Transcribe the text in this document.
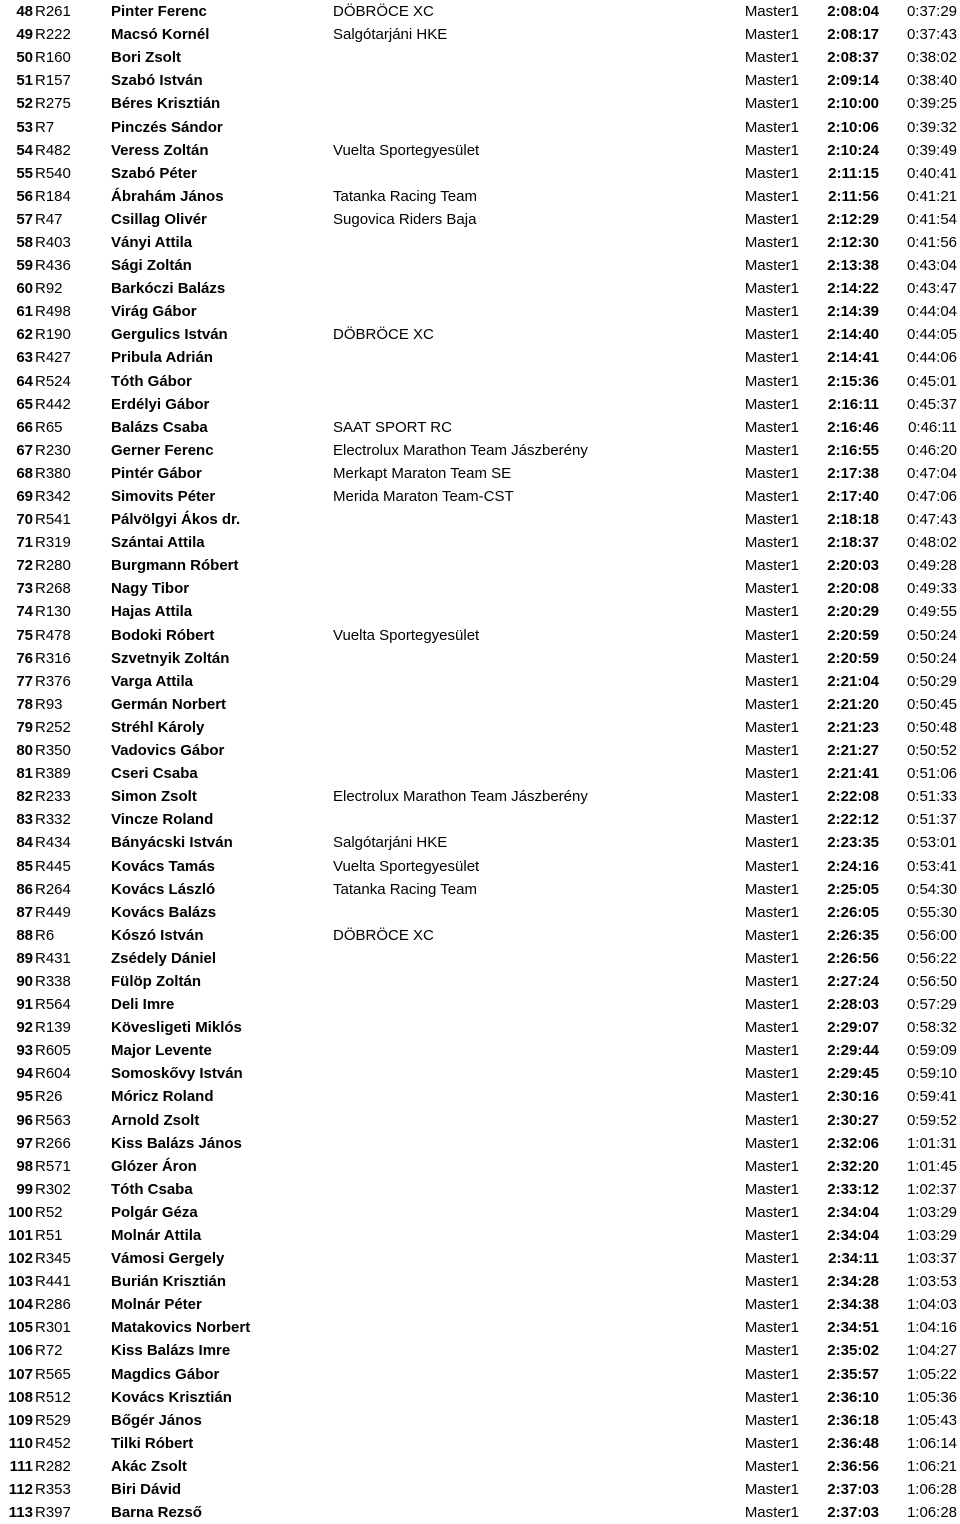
48	R261	Pinter Ferenc	DÖBRÖCE XC	Master1	2:08:04	0:37:29
49	R222	Macsó Kornél	Salgótarjáni HKE	Master1	2:08:17	0:37:43
50	R160	Bori Zsolt		Master1	2:08:37	0:38:02
51	R157	Szabó István		Master1	2:09:14	0:38:40
52	R275	Béres Krisztián		Master1	2:10:00	0:39:25
53	R7	Pinczés Sándor		Master1	2:10:06	0:39:32
54	R482	Veress Zoltán	Vuelta Sportegyesület	Master1	2:10:24	0:39:49
55	R540	Szabó Péter		Master1	2:11:15	0:40:41
56	R184	Ábrahám János	Tatanka Racing Team	Master1	2:11:56	0:41:21
57	R47	Csillag Olivér	Sugovica Riders Baja	Master1	2:12:29	0:41:54
58	R403	Ványi Attila		Master1	2:12:30	0:41:56
59	R436	Sági Zoltán		Master1	2:13:38	0:43:04
60	R92	Barkóczi Balázs		Master1	2:14:22	0:43:47
61	R498	Virág Gábor		Master1	2:14:39	0:44:04
62	R190	Gergulics István	DÖBRÖCE XC	Master1	2:14:40	0:44:05
63	R427	Pribula Adrián		Master1	2:14:41	0:44:06
64	R524	Tóth Gábor		Master1	2:15:36	0:45:01
65	R442	Erdélyi Gábor		Master1	2:16:11	0:45:37
66	R65	Balázs Csaba	SAAT SPORT RC	Master1	2:16:46	0:46:11
67	R230	Gerner Ferenc	Electrolux Marathon Team Jászberény	Master1	2:16:55	0:46:20
68	R380	Pintér Gábor	Merkapt Maraton Team SE	Master1	2:17:38	0:47:04
69	R342	Simovits Péter	Merida Maraton Team-CST	Master1	2:17:40	0:47:06
70	R541	Pálvölgyi Ákos dr.		Master1	2:18:18	0:47:43
71	R319	Szántai Attila		Master1	2:18:37	0:48:02
72	R280	Burgmann Róbert		Master1	2:20:03	0:49:28
73	R268	Nagy Tibor		Master1	2:20:08	0:49:33
74	R130	Hajas Attila		Master1	2:20:29	0:49:55
75	R478	Bodoki Róbert	Vuelta Sportegyesület	Master1	2:20:59	0:50:24
76	R316	Szvetnyik Zoltán		Master1	2:20:59	0:50:24
77	R376	Varga Attila		Master1	2:21:04	0:50:29
78	R93	Germán Norbert		Master1	2:21:20	0:50:45
79	R252	Stréhl Károly		Master1	2:21:23	0:50:48
80	R350	Vadovics Gábor		Master1	2:21:27	0:50:52
81	R389	Cseri Csaba		Master1	2:21:41	0:51:06
82	R233	Simon Zsolt	Electrolux Marathon Team Jászberény	Master1	2:22:08	0:51:33
83	R332	Vincze Roland		Master1	2:22:12	0:51:37
84	R434	Bányácski István	Salgótarjáni HKE	Master1	2:23:35	0:53:01
85	R445	Kovács Tamás	Vuelta Sportegyesület	Master1	2:24:16	0:53:41
86	R264	Kovács László	Tatanka Racing Team	Master1	2:25:05	0:54:30
87	R449	Kovács Balázs		Master1	2:26:05	0:55:30
88	R6	Kószó István	DÖBRÖCE XC	Master1	2:26:35	0:56:00
89	R431	Zsédely Dániel		Master1	2:26:56	0:56:22
90	R338	Fülöp Zoltán		Master1	2:27:24	0:56:50
91	R564	Deli Imre		Master1	2:28:03	0:57:29
92	R139	Kövesligeti Miklós		Master1	2:29:07	0:58:32
93	R605	Major Levente		Master1	2:29:44	0:59:09
94	R604	Somoskővy István		Master1	2:29:45	0:59:10
95	R26	Móricz Roland		Master1	2:30:16	0:59:41
96	R563	Arnold Zsolt		Master1	2:30:27	0:59:52
97	R266	Kiss Balázs János		Master1	2:32:06	1:01:31
98	R571	Glózer Áron		Master1	2:32:20	1:01:45
99	R302	Tóth Csaba		Master1	2:33:12	1:02:37
100	R52	Polgár Géza		Master1	2:34:04	1:03:29
101	R51	Molnár Attila		Master1	2:34:04	1:03:29
102	R345	Vámosi Gergely		Master1	2:34:11	1:03:37
103	R441	Burián Krisztián		Master1	2:34:28	1:03:53
104	R286	Molnár Péter		Master1	2:34:38	1:04:03
105	R301	Matakovics Norbert		Master1	2:34:51	1:04:16
106	R72	Kiss Balázs Imre		Master1	2:35:02	1:04:27
107	R565	Magdics Gábor		Master1	2:35:57	1:05:22
108	R512	Kovács Krisztián		Master1	2:36:10	1:05:36
109	R529	Bőgér János		Master1	2:36:18	1:05:43
110	R452	Tilki Róbert		Master1	2:36:48	1:06:14
111	R282	Akác Zsolt		Master1	2:36:56	1:06:21
112	R353	Biri Dávid		Master1	2:37:03	1:06:28
113	R397	Barna Rezső		Master1	2:37:03	1:06:28
